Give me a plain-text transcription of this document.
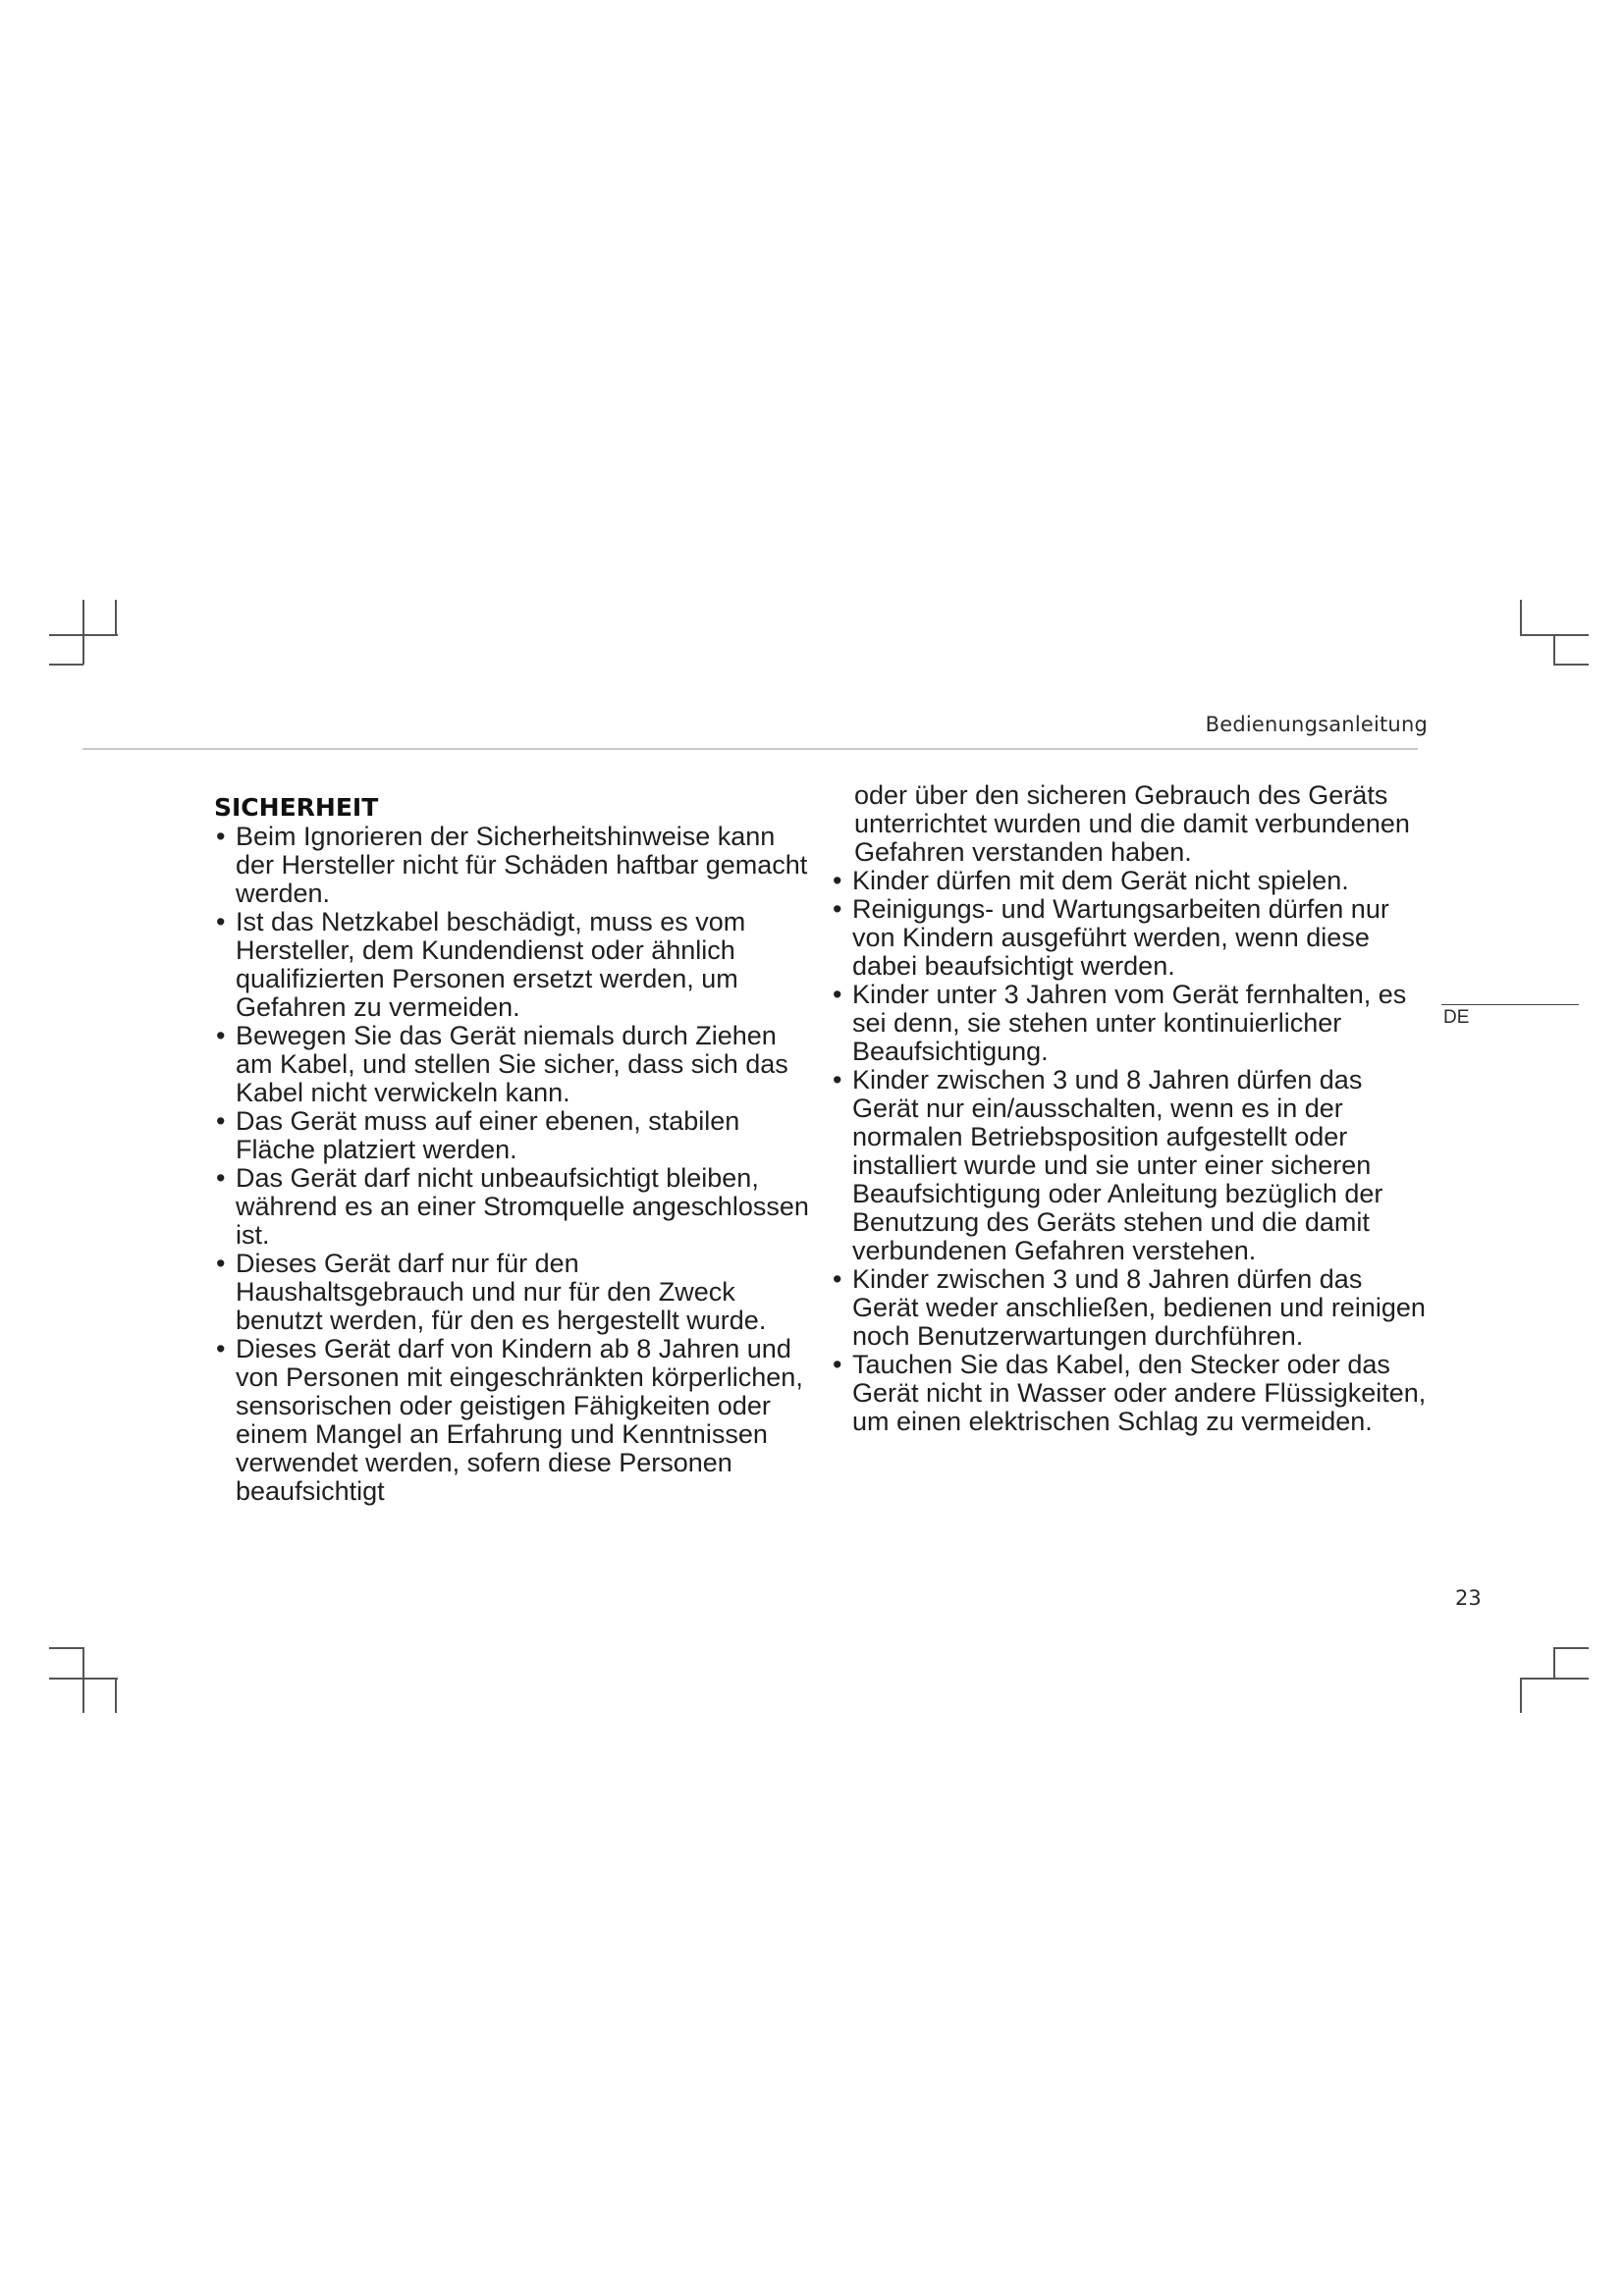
Bedienungsanleitung
DE
SICHERHEIT
• Beim Ignorieren der Sicherheitshinweise kann der Hersteller nicht für Schäden haftbar gemacht werden.
• Ist das Netzkabel beschädigt, muss es vom Hersteller, dem Kundendienst oder ähnlich qualifizierten Personen ersetzt werden, um Gefahren zu vermeiden.
• Bewegen Sie das Gerät niemals durch Ziehen am Kabel, und stellen Sie sicher, dass sich das Kabel nicht verwickeln kann.
• Das Gerät muss auf einer ebenen, stabilen Fläche platziert werden.
• Das Gerät darf nicht unbeaufsichtigt bleiben, während es an einer Stromquelle angeschlossen ist.
• Dieses Gerät darf nur für den Haushaltsgebrauch und nur für den Zweck benutzt werden, für den es hergestellt wurde.
• Dieses Gerät darf von Kindern ab 8 Jahren und von Personen mit eingeschränkten körperlichen, sensorischen oder geistigen Fähigkeiten oder einem Mangel an Erfahrung und Kenntnissen verwendet werden, sofern diese Personen beaufsichtigt
oder über den sicheren Gebrauch des Geräts unterrichtet wurden und die damit verbundenen Gefahren verstanden haben.
• Kinder dürfen mit dem Gerät nicht spielen.
• Reinigungs- und Wartungsarbeiten dürfen nur von Kindern ausgeführt werden, wenn diese dabei beaufsichtigt werden.
• Kinder unter 3 Jahren vom Gerät fernhalten, es sei denn, sie stehen unter kontinuierlicher Beaufsichtigung.
• Kinder zwischen 3 und 8 Jahren dürfen das Gerät nur ein/ausschalten, wenn es in der normalen Betriebsposition aufgestellt oder installiert wurde und sie unter einer sicheren Beaufsichtigung oder Anleitung bezüglich der Benutzung des Geräts stehen und die damit verbundenen Gefahren verstehen.
• Kinder zwischen 3 und 8 Jahren dürfen das Gerät weder anschließen, bedienen und reinigen noch Benutzerwartungen durchführen.
• Tauchen Sie das Kabel, den Stecker oder das Gerät nicht in Wasser oder andere Flüssigkeiten, um einen elektrischen Schlag zu vermeiden.
23
